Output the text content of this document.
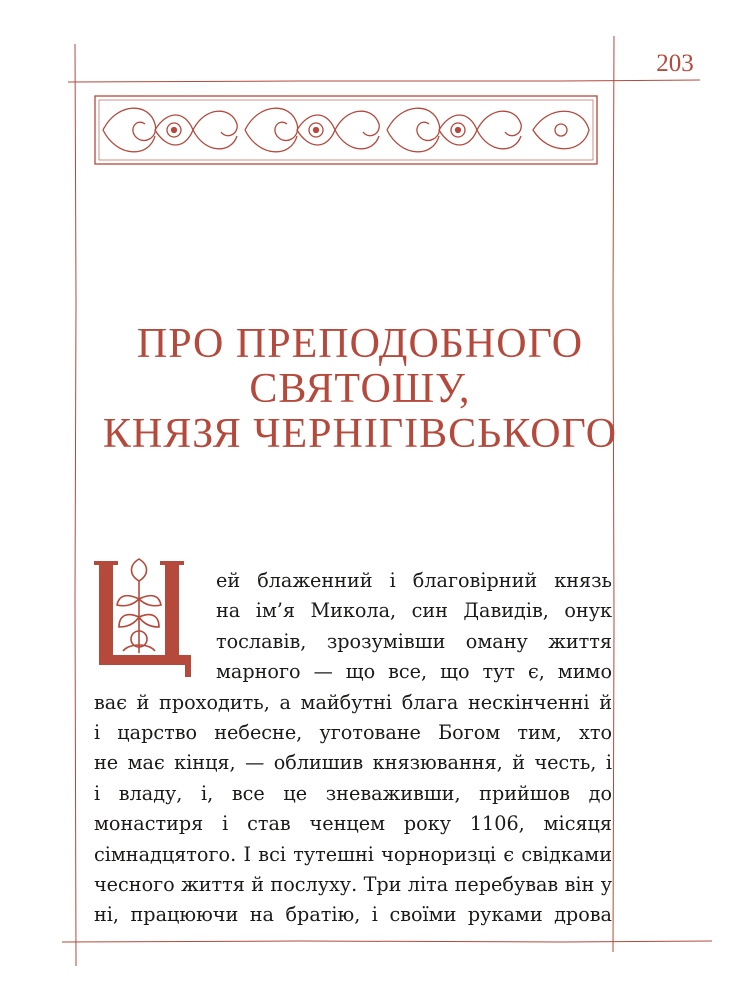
203
ПРО ПРЕПОДОБНОГО
СВЯТОШУ,
КНЯЗЯ ЧЕРНІГІВСЬКОГО
ей блаженний і благовірний князь
на ім’я Микола, син Давидів, онук
тославів, зрозумівши оману життя
марного — що все, що тут є, мимо
ває й проходить, а майбутні блага нескінченні й
і царство небесне, уготоване Богом тим, хто
не має кінця, — облишив князювання, й честь, і
і владу, і, все це зневаживши, прийшов до
монастиря і став ченцем року 1106, місяця
сімнадцятого. І всі тутешні чорноризці є свідками
чесного життя й послуху. Три літа перебував він у
ні, працюючи на братію, і своїми руками дрова
